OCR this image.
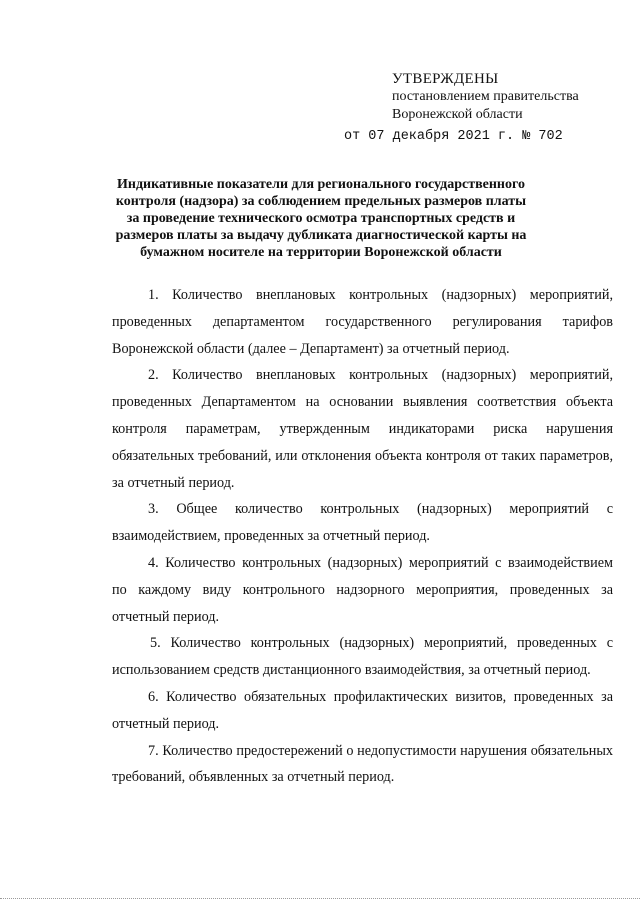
УТВЕРЖДЕНЫ
постановлением правительства
Воронежской области
от 07 декабря 2021 г. № 702
Индикативные показатели для регионального государственного контроля (надзора) за соблюдением предельных размеров платы за проведение технического осмотра транспортных средств и размеров платы за выдачу дубликата диагностической карты на бумажном носителе на территории Воронежской области

1. Количество внеплановых контрольных (надзорных) мероприятий, проведенных департаментом государственного регулирования тарифов Воронежской области (далее – Департамент) за отчетный период.

2. Количество внеплановых контрольных (надзорных) мероприятий, проведенных Департаментом на основании выявления соответствия объекта контроля параметрам, утвержденным индикаторами риска нарушения обязательных требований, или отклонения объекта контроля от таких параметров, за отчетный период.

3. Общее количество контрольных (надзорных) мероприятий с взаимодействием, проведенных за отчетный период.

4. Количество контрольных (надзорных) мероприятий с взаимодействием по каждому виду контрольного надзорного мероприятия, проведенных за отчетный период.

5. Количество контрольных (надзорных) мероприятий, проведенных с использованием средств дистанционного взаимодействия, за отчетный период.

6. Количество обязательных профилактических визитов, проведенных за отчетный период.

7. Количество предостережений о недопустимости нарушения обязательных требований, объявленных за отчетный период.
